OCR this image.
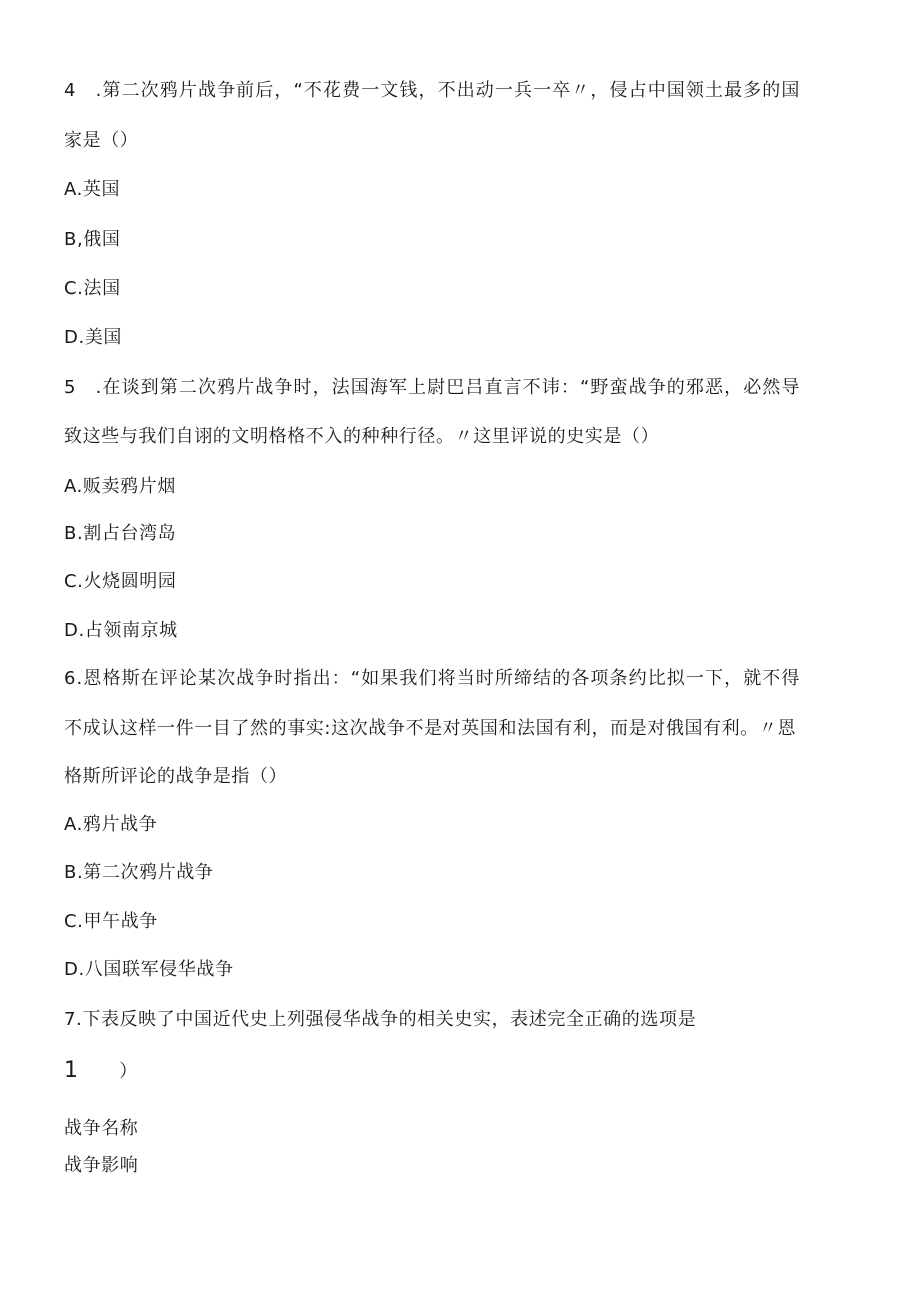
4　.第二次鸦片战争前后，“不花费一文钱，不出动一兵一卒〃，侵占中国领土最多的国
家是（）
A.英国
B,俄国
C.法国
D.美国
5　.在谈到第二次鸦片战争时，法国海军上尉巴吕直言不讳：“野蛮战争的邪恶，必然导
致这些与我们自诩的文明格格不入的种种行径。〃这里评说的史实是（）
A.贩卖鸦片烟
B.割占台湾岛
C.火烧圆明园
D.占领南京城
6.恩格斯在评论某次战争时指出：“如果我们将当时所缔结的各项条约比拟一下，就不得
不成认这样一件一目了然的事实:这次战争不是对英国和法国有利，而是对俄国有利。〃恩
格斯所评论的战争是指（）
A.鸦片战争
B.第二次鸦片战争
C.甲午战争
D.八国联军侵华战争
7.下表反映了中国近代史上列强侵华战争的相关史实，表述完全正确的选项是
1　）
战争名称
战争影响
